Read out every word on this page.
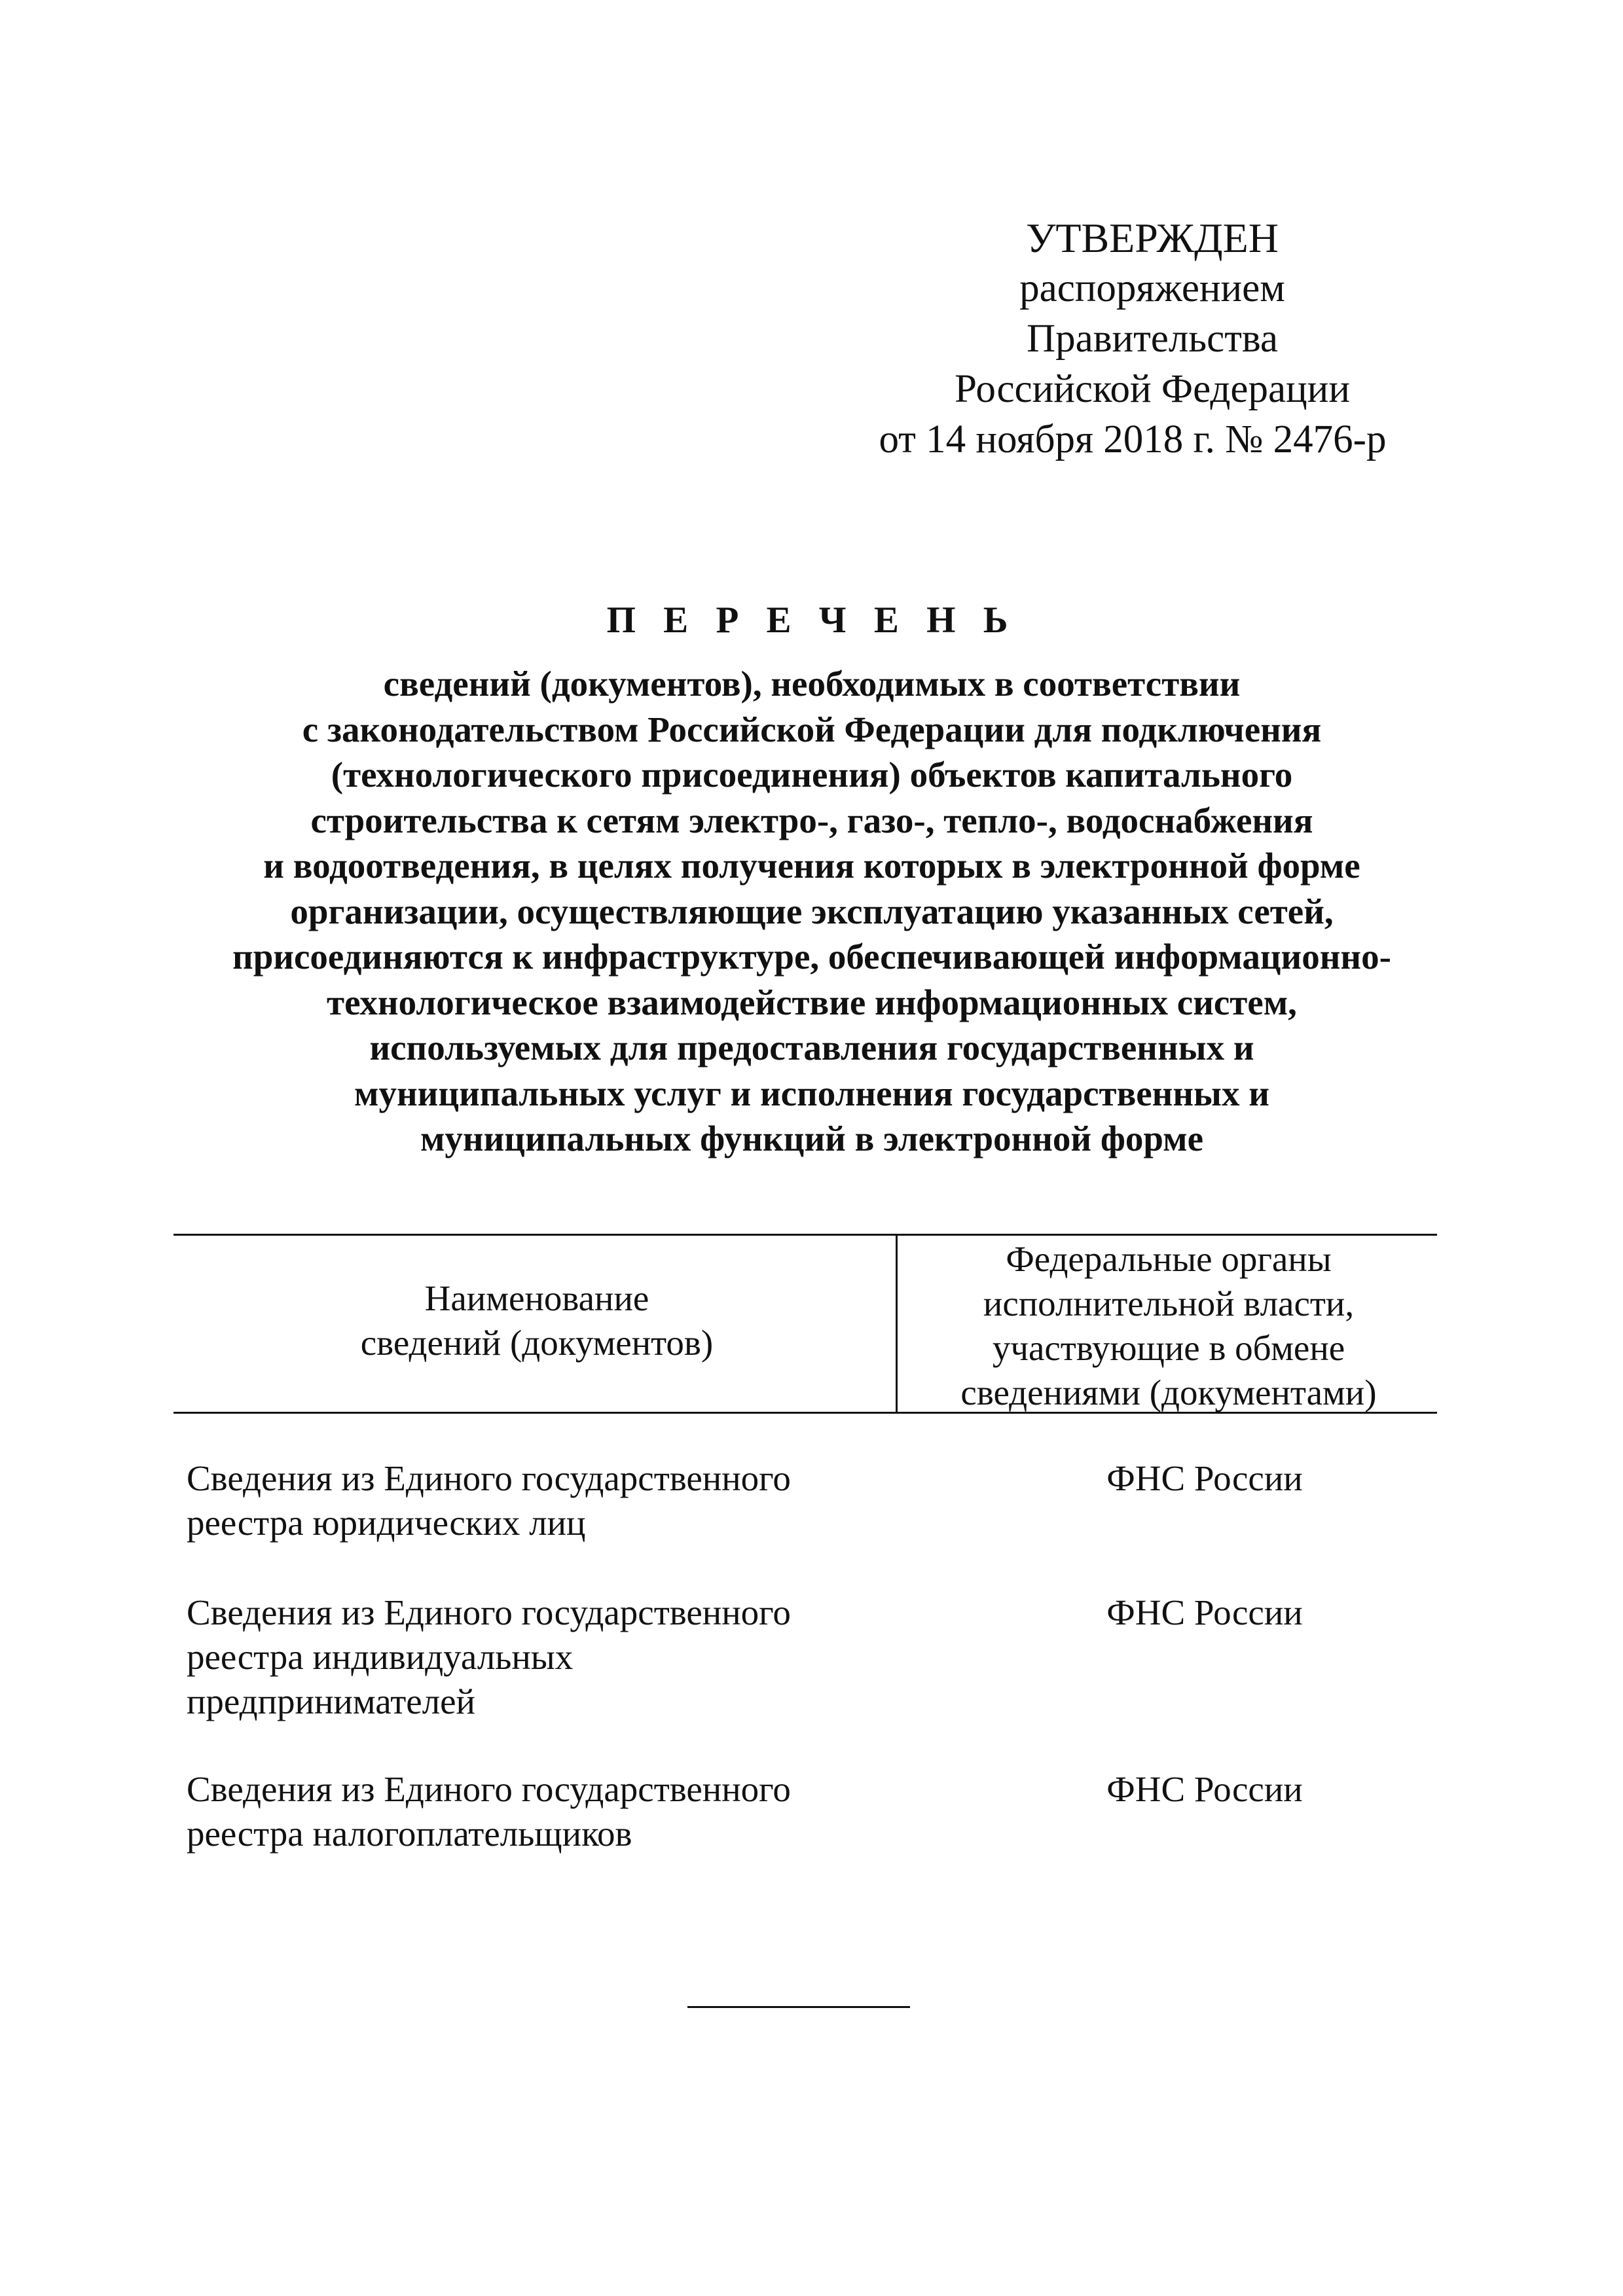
УТВЕРЖДЕН
распоряжением Правительства
Российской Федерации
от 14 ноября 2018 г. № 2476-р
П Е Р Е Ч Е Н Ь
сведений (документов), необходимых в соответствии
с законодательством Российской Федерации для подключения
(технологического присоединения) объектов капитального
строительства к сетям электро-, газо-, тепло-, водоснабжения
и водоотведения, в целях получения которых в электронной форме
организации, осуществляющие эксплуатацию указанных сетей,
присоединяются к инфраструктуре, обеспечивающей информационно-
технологическое взаимодействие информационных систем,
используемых для предоставления государственных и
муниципальных услуг и исполнения государственных и
муниципальных функций в электронной форме
Наименование
сведений (документов)
Федеральные органы
исполнительной власти,
участвующие в обмене
сведениями (документами)
Сведения из Единого государственного
реестра юридических лиц
ФНС России
Сведения из Единого государственного
реестра индивидуальных
предпринимателей
ФНС России
Сведения из Единого государственного
реестра налогоплательщиков
ФНС России
